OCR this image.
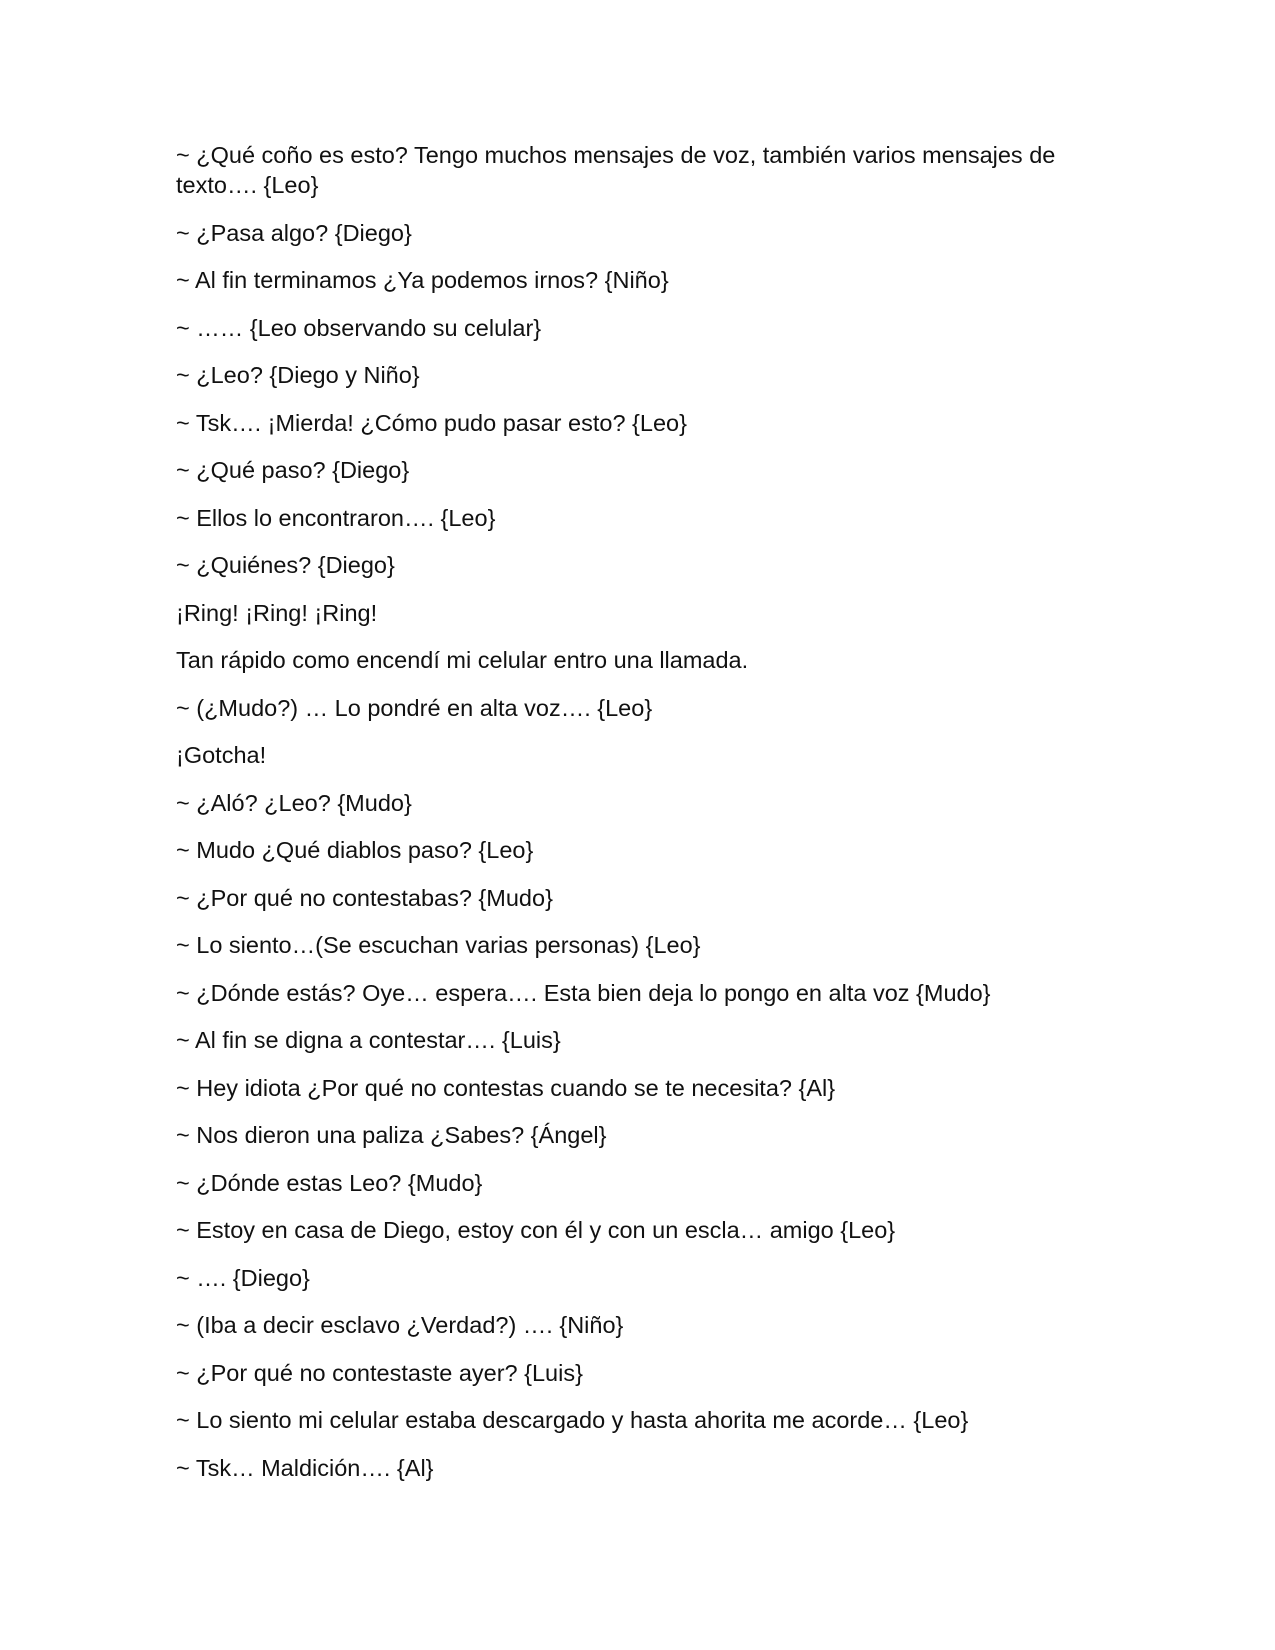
~ ¿Qué coño es esto? Tengo muchos mensajes de voz, también varios mensajes de texto…. {Leo}

~ ¿Pasa algo? {Diego}

~ Al fin terminamos ¿Ya podemos irnos? {Niño}

~ …… {Leo observando su celular}

~ ¿Leo? {Diego y Niño}

~ Tsk…. ¡Mierda! ¿Cómo pudo pasar esto? {Leo}

~ ¿Qué paso? {Diego}

~ Ellos lo encontraron…. {Leo}

~ ¿Quiénes? {Diego}

¡Ring! ¡Ring! ¡Ring!

Tan rápido como encendí mi celular entro una llamada.

~ (¿Mudo?) … Lo pondré en alta voz…. {Leo}

¡Gotcha!

~ ¿Aló? ¿Leo? {Mudo}

~ Mudo ¿Qué diablos paso? {Leo}

~ ¿Por qué no contestabas? {Mudo}

~ Lo siento…(Se escuchan varias personas) {Leo}

~ ¿Dónde estás? Oye… espera…. Esta bien deja lo pongo en alta voz {Mudo}

~ Al fin se digna a contestar…. {Luis}

~ Hey idiota ¿Por qué no contestas cuando se te necesita? {Al}

~ Nos dieron una paliza ¿Sabes? {Ángel}

~ ¿Dónde estas Leo? {Mudo}

~ Estoy en casa de Diego, estoy con él y con un escla… amigo {Leo}

~ …. {Diego}

~ (Iba a decir esclavo ¿Verdad?) …. {Niño}

~ ¿Por qué no contestaste ayer? {Luis}

~ Lo siento mi celular estaba descargado y hasta ahorita me acorde… {Leo}

~ Tsk… Maldición…. {Al}
